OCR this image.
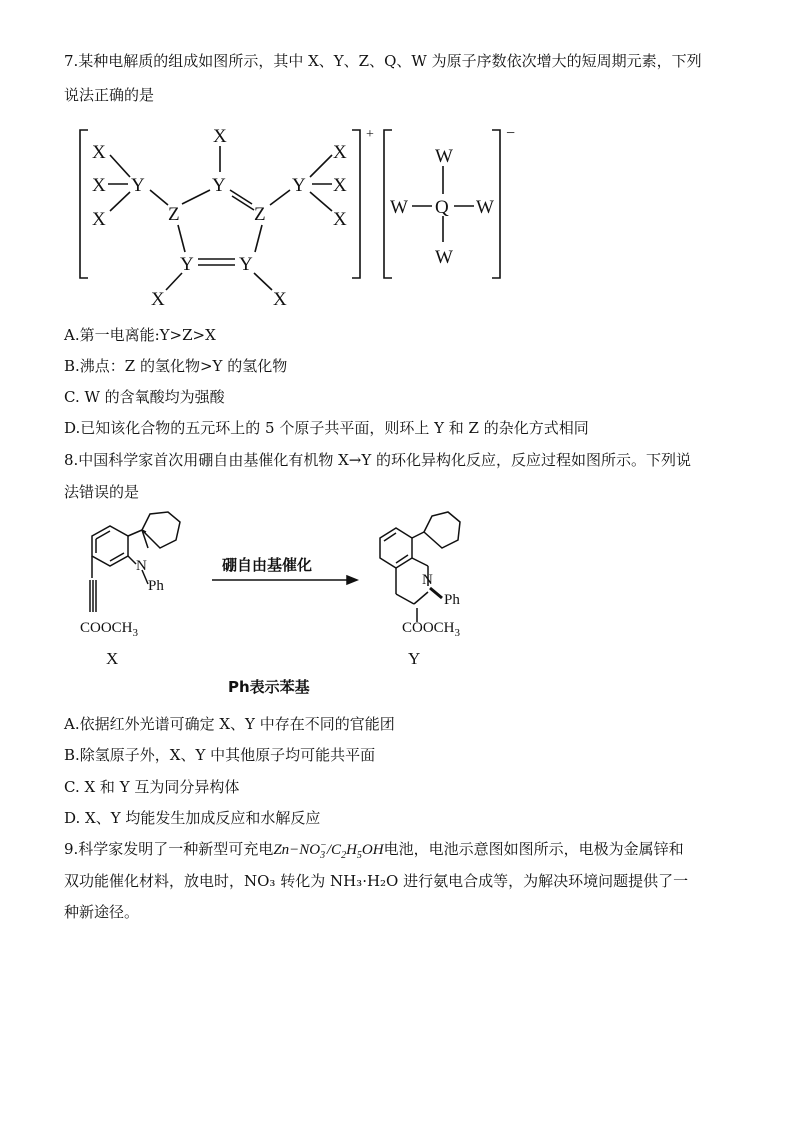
7.某种电解质的组成如图所示，其中 X、Y、Z、Q、W 为原子序数依次增大的短周期元素，下列
说法正确的是
X
X
X
Y
X
Y
Z	Z
Y Y
X	X
Y
X
X
X
+
W
W Q W
W
−
A.第一电离能:Y>Z>X
B.沸点：Z 的氢化物>Y 的氢化物
C. W 的含氧酸均为强酸
D.已知该化合物的五元环上的 5 个原子共平面，则环上 Y 和 Z 的杂化方式相同
8.中国科学家首次用硼自由基催化有机物 X→Y 的环化异构化反应，反应过程如图所示。下列说
法错误的是
N
Ph
$COOCH_3$
X
硼自由基催化
N
Ph
$COOCH_3$
Y
Ph表示苯基
A.依据红外光谱可确定 X、Y 中存在不同的官能团
B.除氢原子外，X、Y 中其他原子均可能共平面
C. X 和 Y 互为同分异构体
D. X、Y 均能发生加成反应和水解反应
9.科学家发明了一种新型可充电Zn−NO −
3 $/C_2H_5OH$电池，电池示意图如图所示，电极为金属锌和
双功能催化材料，放电时，NO₃ 转化为 NH₃·H₂O 进行氨电合成等，为解决环境问题提供了一
种新途径。
